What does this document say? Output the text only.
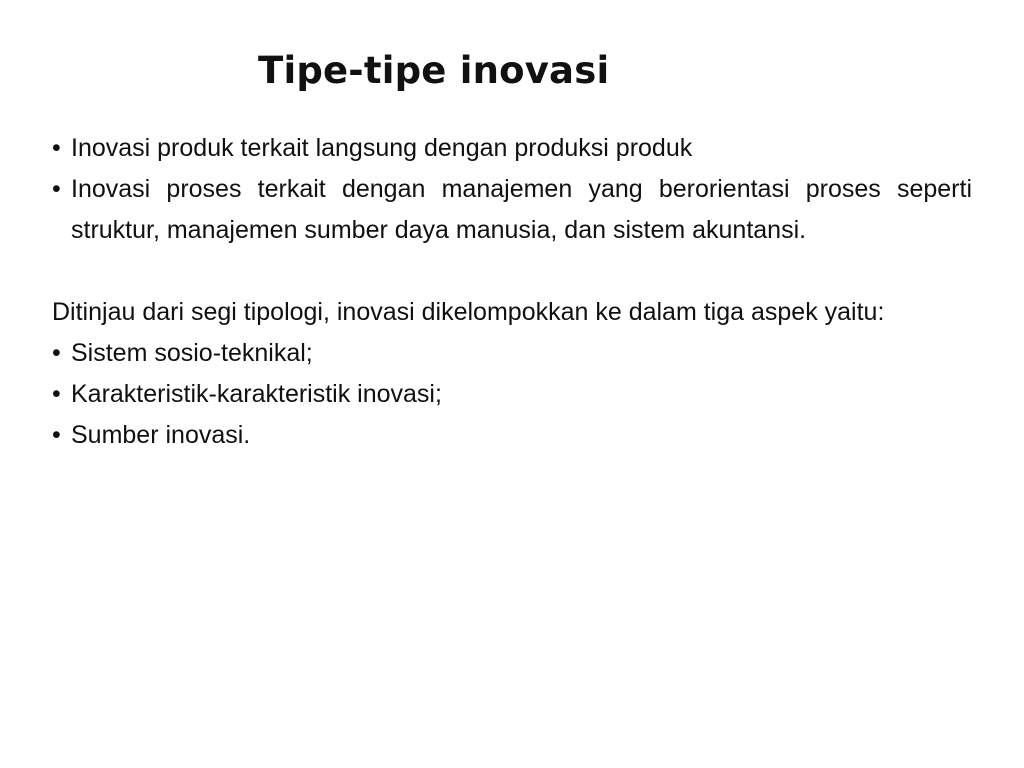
Tipe-tipe inovasi
• Inovasi produk terkait langsung dengan produksi produk
• Inovasi proses terkait dengan manajemen yang berorientasi proses seperti struktur, manajemen sumber daya manusia, dan sistem akuntansi.

Ditinjau dari segi tipologi, inovasi dikelompokkan ke dalam tiga aspek yaitu:

• Sistem sosio-teknikal;
• Karakteristik-karakteristik inovasi;
• Sumber inovasi.
